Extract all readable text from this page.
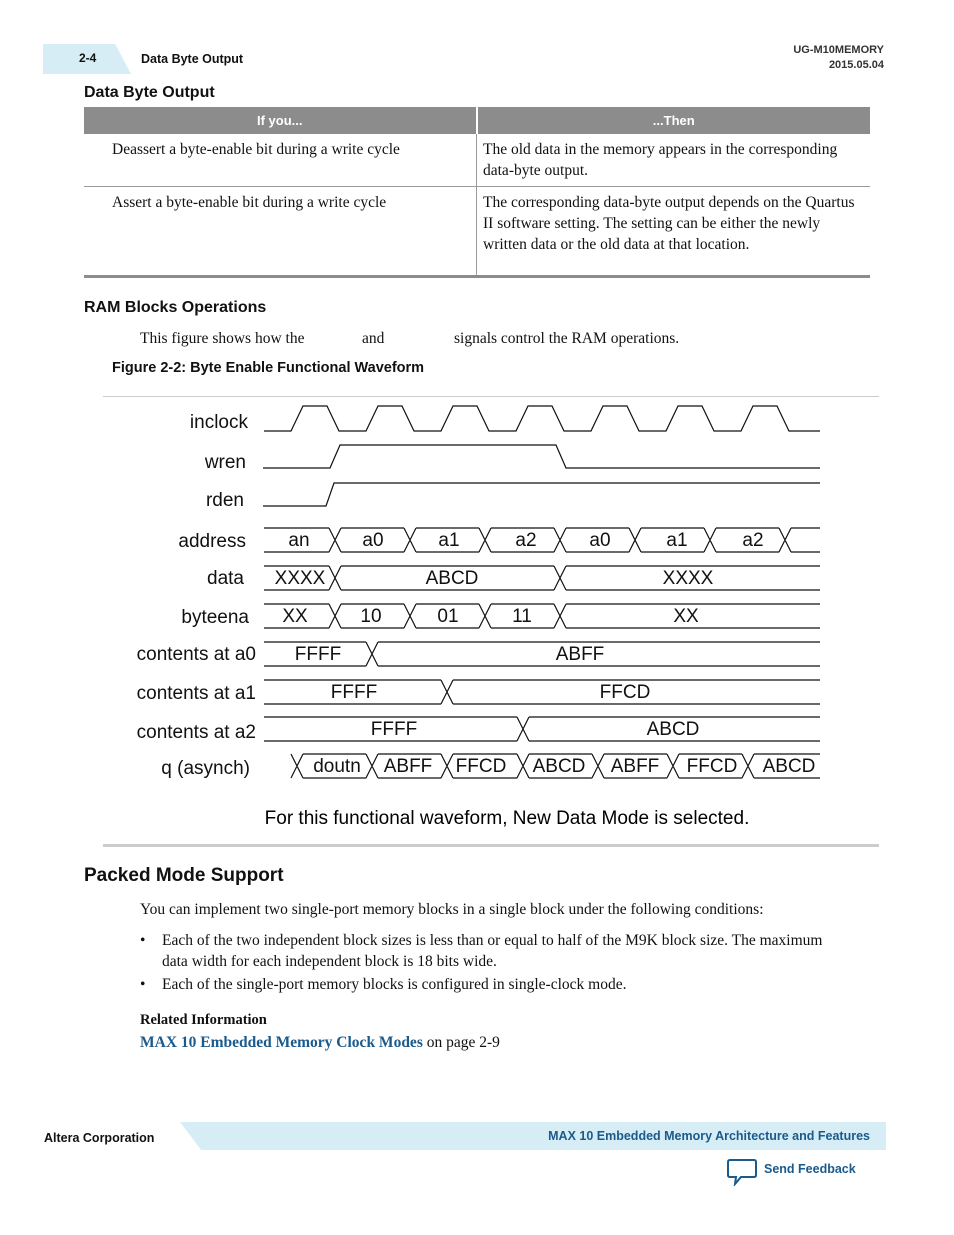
2-4	Data Byte Output
UG-M10MEMORY
2015.05.04
Data Byte Output
If you...	...Then
Deassert a byte-enable bit during a write cycle	The old data in the memory appears in the corresponding data-byte output.
Assert a byte-enable bit during a write cycle	The corresponding data-byte output depends on the Quartus II software setting. The setting can be either the newly written data or the old data at that location.
RAM Blocks Operations
This figure shows how the	and	signals control the RAM operations.
Figure 2-2: Byte Enable Functional Waveform
inclock
wren
rden
address
data
byteena
contents at a0
contents at a1
contents at a2
q (asynch)
an	a0	a1	a2	a0	a1	a2
XXXX	ABCD	XXXX
XX	10	01	11	XX
FFFF	ABFF
FFFF	FFCD
FFFF	ABCD
doutn ABFF FFCD ABCD ABFF FFCD ABCD
For this functional waveform, New Data Mode is selected.
Packed Mode Support
You can implement two single-port memory blocks in a single block under the following conditions:
• Each of the two independent block sizes is less than or equal to half of the M9K block size. The maximum data width for each independent block is 18 bits wide.
• Each of the single-port memory blocks is configured in single-clock mode.
Related Information
MAX 10 Embedded Memory Clock Modes on page 2-9
Altera Corporation	MAX 10 Embedded Memory Architecture and Features
Send Feedback
